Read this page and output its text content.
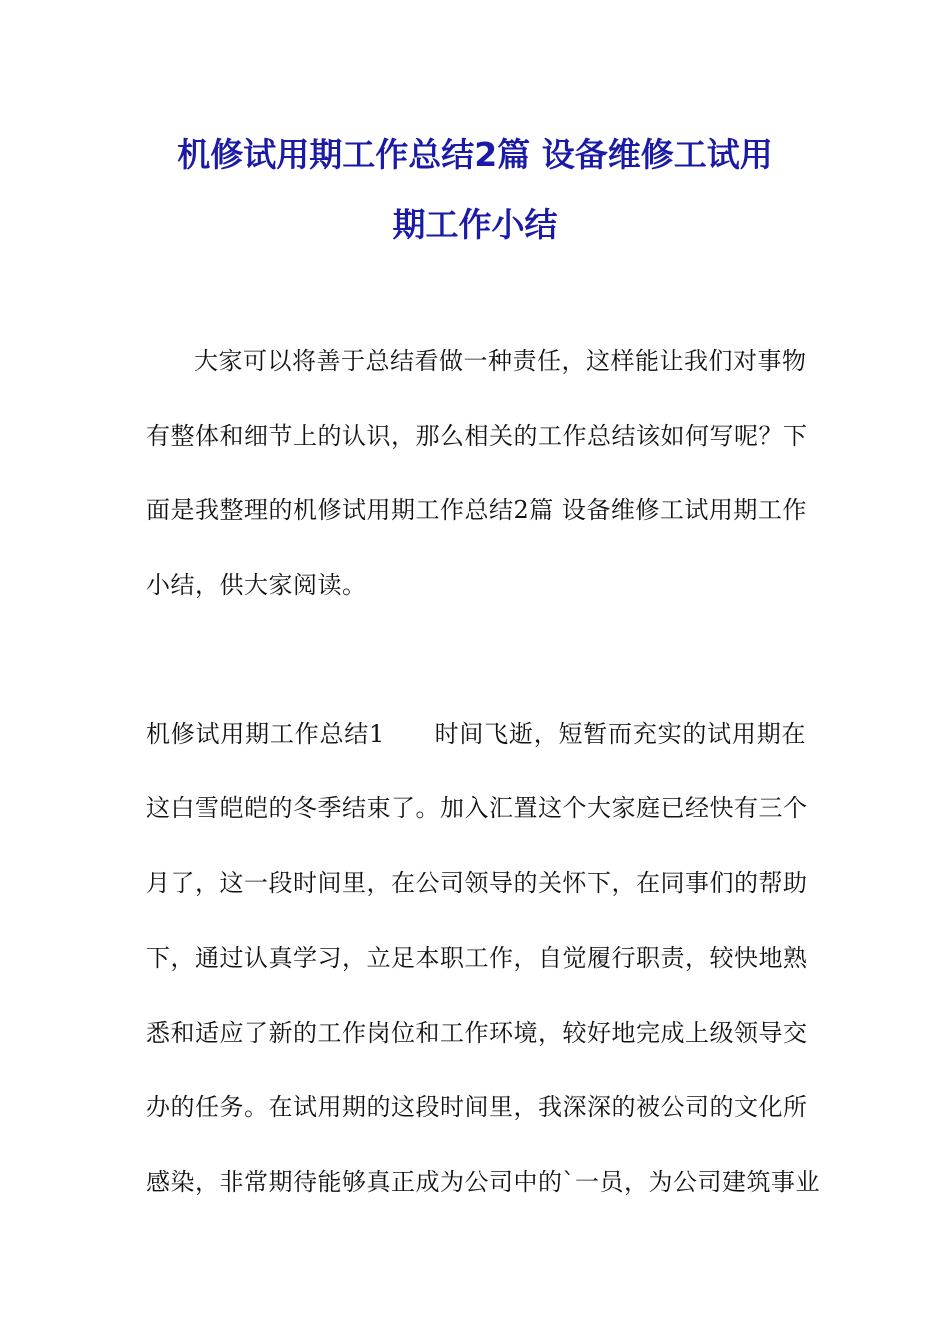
机修试用期工作总结2篇 设备维修工试用
期工作小结

大家可以将善于总结看做一种责任，这样能让我们对事物

有整体和细节上的认识，那么相关的工作总结该如何写呢？下

面是我整理的机修试用期工作总结2篇 设备维修工试用期工作

小结，供大家阅读。

机修试用期工作总结1　　时间飞逝，短暂而充实的试用期在

这白雪皑皑的冬季结束了。加入汇置这个大家庭已经快有三个

月了，这一段时间里，在公司领导的关怀下，在同事们的帮助

下，通过认真学习，立足本职工作，自觉履行职责，较快地熟

悉和适应了新的工作岗位和工作环境，较好地完成上级领导交

办的任务。在试用期的这段时间里，我深深的被公司的文化所

感染，非常期待能够真正成为公司中的`一员，为公司建筑事业
